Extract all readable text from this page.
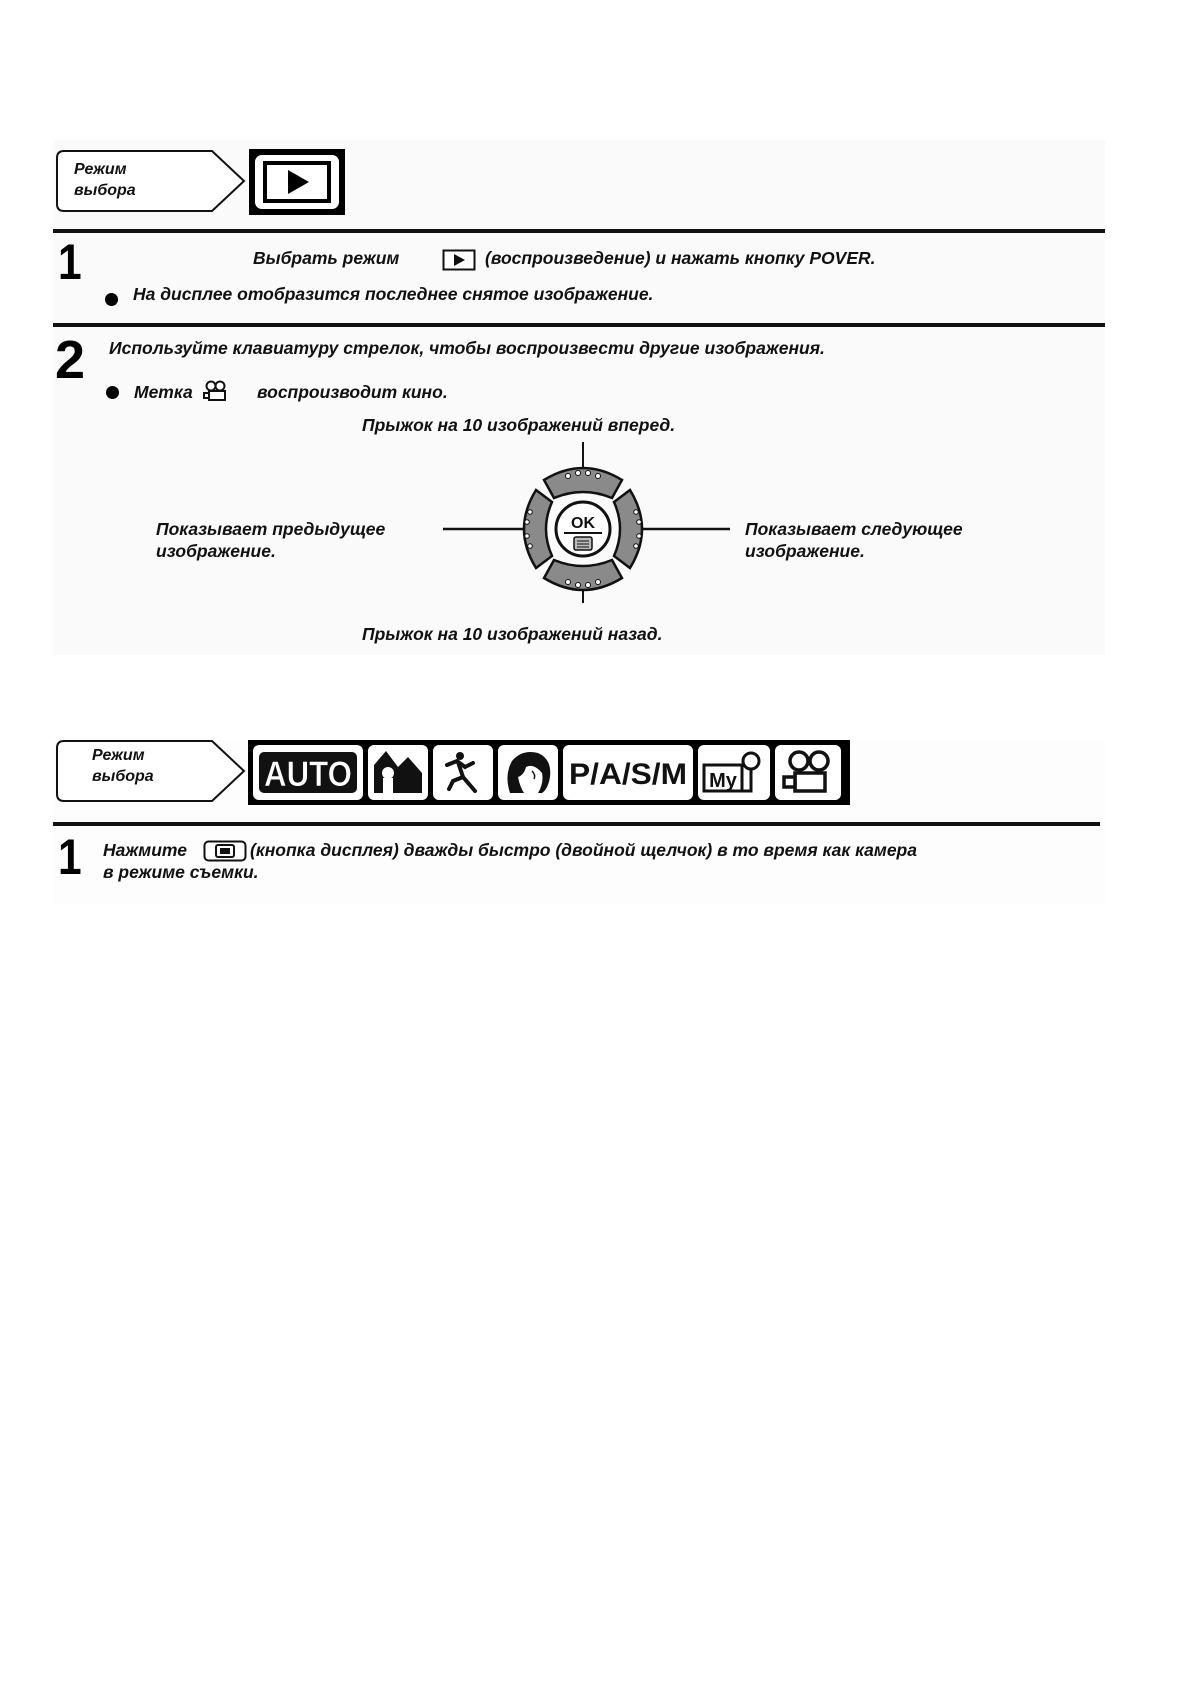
Режим
выбора
1	Выбрать режим	(воспроизведение) и нажать кнопку POVER.
На дисплее отобразится последнее снятое изображение.
2 Используйте клавиатуру стрелок, чтобы воспроизвести другие изображения.
Метка	воспроизводит кино.
Прыжок на 10 изображений вперед.
Прыжок на 10 изображений назад.
Показывает предыдущее
изображение.
Показывает следующее
изображение.
OK
Режим
выбора	AUTO	P/A/S/M My
1 Нажмите	(кнопка дисплея) дважды быстро (двойной щелчок) в то время как камера
в режиме съемки.
